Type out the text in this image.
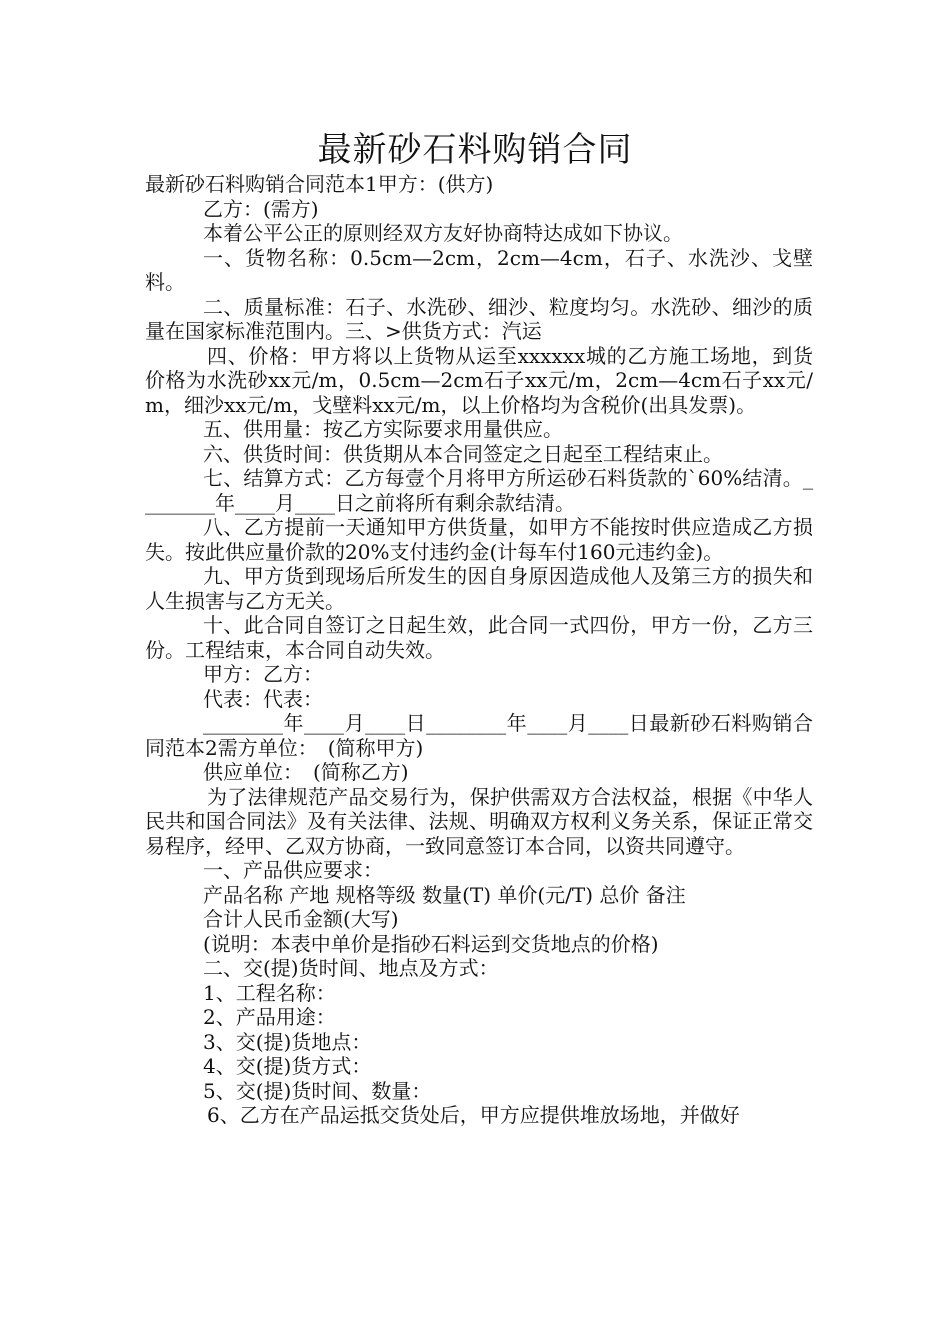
最新砂石料购销合同

最新砂石料购销合同范本1甲方：(供方)

乙方：(需方)

本着公平公正的原则经双方友好协商特达成如下协议。

一、货物名称：0.5cm—2cm，2cm—4cm，石子、水洗沙、戈壁料。

二、质量标准：石子、水洗砂、细沙、粒度均匀。水洗砂、细沙的质量在国家标准范围内。三、>供货方式：汽运

四、价格：甲方将以上货物从运至xxxxxx城的乙方施工场地，到货价格为水洗砂xx元/m，0.5cm—2cm石子xx元/m，2cm—4cm石子xx元/m，细沙xx元/m，戈壁料xx元/m，以上价格均为含税价(出具发票)。

五、供用量：按乙方实际要求用量供应。

六、供货时间：供货期从本合同签定之日起至工程结束止。

七、结算方式：乙方每壹个月将甲方所运砂石料货款的`60%结清。________年____月____日之前将所有剩余款结清。

八、乙方提前一天通知甲方供货量，如甲方不能按时供应造成乙方损失。按此供应量价款的20%支付违约金(计每车付160元违约金)。

九、甲方货到现场后所发生的因自身原因造成他人及第三方的损失和人生损害与乙方无关。

十、此合同自签订之日起生效，此合同一式四份，甲方一份，乙方三份。工程结束，本合同自动失效。

甲方：乙方：

代表：代表：

________年____月____日________年____月____日最新砂石料购销合同范本2需方单位：　(简称甲方)

供应单位：　(简称乙方)

为了法律规范产品交易行为，保护供需双方合法权益，根据《中华人民共和国合同法》及有关法律、法规、明确双方权利义务关系，保证正常交易程序，经甲、乙双方协商，一致同意签订本合同，以资共同遵守。

一、产品供应要求：

产品名称 产地 规格等级 数量(T) 单价(元/T) 总价 备注

合计人民币金额(大写)

(说明：本表中单价是指砂石料运到交货地点的价格)

二、交(提)货时间、地点及方式：

1、工程名称：

2、产品用途：

3、交(提)货地点：

4、交(提)货方式：

5、交(提)货时间、数量：

6、乙方在产品运抵交货处后，甲方应提供堆放场地，并做好
